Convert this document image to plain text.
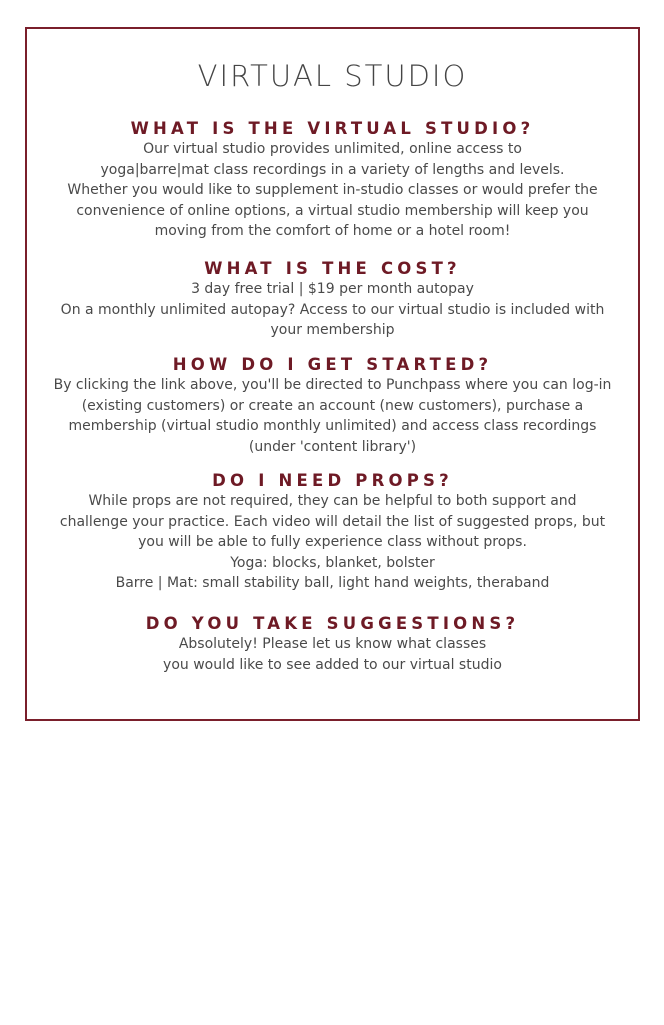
VIRTUAL STUDIO

WHAT IS THE VIRTUAL STUDIO?

Our virtual studio provides unlimited, online access to

yoga|barre|mat class recordings in a variety of lengths and levels.

Whether you would like to supplement in-studio classes or would prefer the

convenience of online options, a virtual studio membership will keep you

moving from the comfort of home or a hotel room!

WHAT IS THE COST?

3 day free trial | $19 per month autopay

On a monthly unlimited autopay? Access to our virtual studio is included with

your membership

HOW DO I GET STARTED?

By clicking the link above, you'll be directed to Punchpass where you can log-in

(existing customers) or create an account (new customers), purchase a

membership (virtual studio monthly unlimited) and access class recordings

(under 'content library')

DO I NEED PROPS?

While props are not required, they can be helpful to both support and

challenge your practice. Each video will detail the list of suggested props, but

you will be able to fully experience class without props.

Yoga: blocks, blanket, bolster

Barre | Mat: small stability ball, light hand weights, theraband

DO YOU TAKE SUGGESTIONS?

Absolutely! Please let us know what classes

you would like to see added to our virtual studio
